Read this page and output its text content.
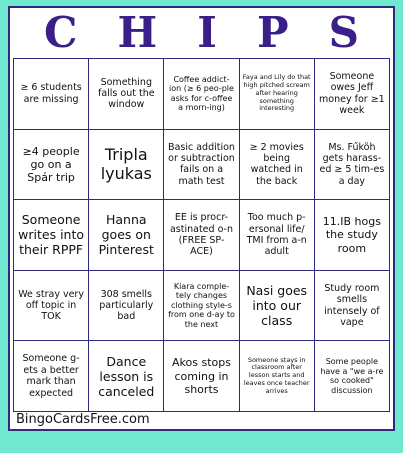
C H I P S
≥ 6 students are missing
Something falls out the window
Coffee addict-ion (≥ 6 peo-ple asks for c-offee a morn-ing)
Faya and Lily do that high pitched scream after hearing something interesting
Someone owes Jeff money for ≥1 week
≥4 people go on a Spár trip
Tripla lyukas
Basic addition or subtraction fails on a math test
≥ 2 movies being watched in the back
Ms. Fűköh gets harass-ed ≥ 5 tim-es a day
Someone writes into their RPPF
Hanna goes on Pinterest
EE is procr-astinated o-n (FREE SP-ACE)
Too much p-ersonal life/ TMI from a-n adult
11.IB hogs the study room
We stray very off topic in TOK
308 smells particularly bad
Kiara comple-tely changes clothing style-s from one d-ay to the next
Nasi goes into our class
Study room smells intensely of vape
Someone g-ets a better mark than expected
Dance lesson is canceled
Akos stops coming in shorts
Someone stays in classroom after lesson starts and leaves once teacher arrives
Some people have a "we a-re so cooked" discussion
BingoCardsFree.com
